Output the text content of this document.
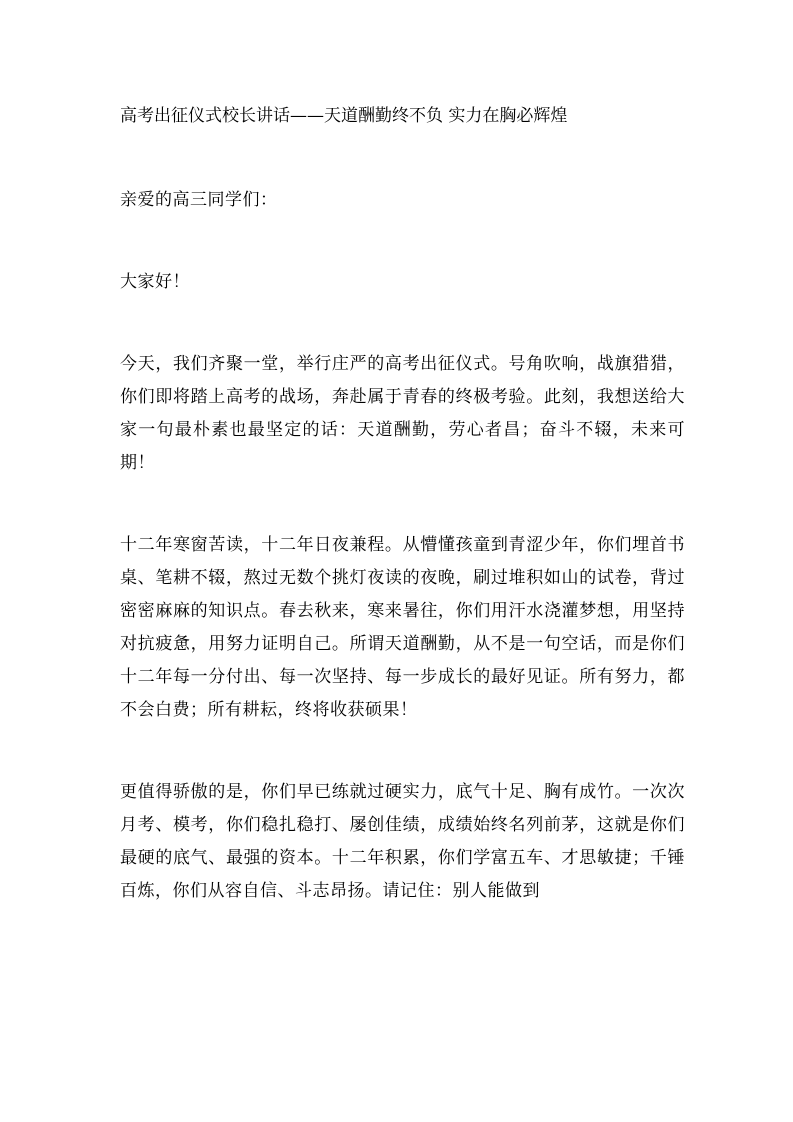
高考出征仪式校长讲话——天道酬勤终不负 实力在胸必辉煌

亲爱的高三同学们：

大家好！

今天，我们齐聚一堂，举行庄严的高考出征仪式。号角吹响，战旗猎猎，你们即将踏上高考的战场，奔赴属于青春的终极考验。此刻，我想送给大家一句最朴素也最坚定的话：天道酬勤，劳心者昌；奋斗不辍，未来可期！

十二年寒窗苦读，十二年日夜兼程。从懵懂孩童到青涩少年，你们埋首书桌、笔耕不辍，熬过无数个挑灯夜读的夜晚，刷过堆积如山的试卷，背过密密麻麻的知识点。春去秋来，寒来暑往，你们用汗水浇灌梦想，用坚持对抗疲惫，用努力证明自己。所谓天道酬勤，从不是一句空话，而是你们十二年每一分付出、每一次坚持、每一步成长的最好见证。所有努力，都不会白费；所有耕耘，终将收获硕果！

更值得骄傲的是，你们早已练就过硬实力，底气十足、胸有成竹。一次次月考、模考，你们稳扎稳打、屡创佳绩，成绩始终名列前茅，这就是你们最硬的底气、最强的资本。十二年积累，你们学富五车、才思敏捷；千锤百炼，你们从容自信、斗志昂扬。请记住：别人能做到
